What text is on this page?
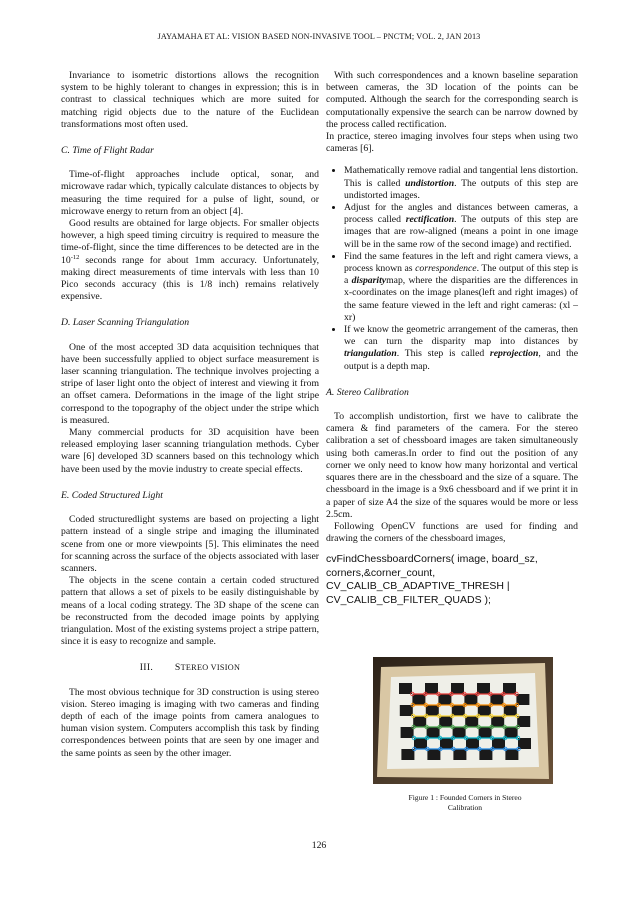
JAYAMAHA ET AL: VISION BASED NON-INVASIVE TOOL – PNCTM; VOL. 2, JAN 2013

Invariance to isometric distortions allows the recognition system to be highly tolerant to changes in expression; this is in contrast to classical techniques which are more suited for matching rigid objects due to the nature of the Euclidean transformations most often used.

C. Time of Flight Radar

Time-of-flight approaches include optical, sonar, and microwave radar which, typically calculate distances to objects by measuring the time required for a pulse of light, sound, or microwave energy to return from an object [4].

Good results are obtained for large objects. For smaller objects however, a high speed timing circuitry is required to measure the time-of-flight, since the time differences to be detected are in the $10^{-12}$ seconds range for about 1mm accuracy. Unfortunately, making direct measurements of time intervals with less than 10 Pico seconds accuracy (this is 1/8 inch) remains relatively expensive.

D. Laser Scanning Triangulation

One of the most accepted 3D data acquisition techniques that have been successfully applied to object surface measurement is laser scanning triangulation. The technique involves projecting a stripe of laser light onto the object of interest and viewing it from an offset camera. Deformations in the image of the light stripe correspond to the topography of the object under the stripe which is measured.

Many commercial products for 3D acquisition have been released employing laser scanning triangulation methods. Cyber ware [6] developed 3D scanners based on this technology which have been used by the movie industry to create special effects.

E. Coded Structured Light

Coded structuredlight systems are based on projecting a light pattern instead of a single stripe and imaging the illuminated scene from one or more viewpoints [5]. This eliminates the need for scanning across the surface of the objects associated with laser scanners.

The objects in the scene contain a certain coded structured pattern that allows a set of pixels to be easily distinguishable by means of a local coding strategy. The 3D shape of the scene can be reconstructed from the decoded image points by applying triangulation. Most of the existing systems project a stripe pattern, since it is easy to recognize and sample.

III. STEREO VISION

The most obvious technique for 3D construction is using stereo vision. Stereo imaging is imaging with two cameras and finding depth of each of the image points from camera analogues to human vision system. Computers accomplish this task by finding correspondences between points that are seen by one imager and the same points as seen by the other imager.

With such correspondences and a known baseline separation between cameras, the 3D location of the points can be computed. Although the search for the corresponding search is computationally expensive the search can be narrow downed by the process called rectification.

In practice, stereo imaging involves four steps when using two cameras [6].

• Mathematically remove radial and tangential lens distortion. This is called undistortion. The outputs of this step are undistorted images.
• Adjust for the angles and distances between cameras, a process called rectification. The outputs of this step are images that are row-aligned (means a point in one image will be in the same row of the second image) and rectified.
• Find the same features in the left and right camera views, a process known as correspondence. The output of this step is a disparitymap, where the disparities are the differences in x-coordinates on the image planes(left and right images) of the same feature viewed in the left and right cameras: (xl – xr)
• If we know the geometric arrangement of the cameras, then we can turn the disparity map into distances by triangulation. This step is called reprojection, and the output is a depth map.
A. Stereo Calibration

To accomplish undistortion, first we have to calibrate the camera & find parameters of the camera. For the stereo calibration a set of chessboard images are taken simultaneously using both cameras.In order to find out the position of any corner we only need to know how many horizontal and vertical squares there are in the chessboard and the size of a square. The chessboard in the image is a 9x6 chessboard and if we print it in a paper of size A4 the size of the squares would be more or less 2.5cm.

Following OpenCV functions are used for finding and drawing the corners of the chessboard images,

cvFindChessboardCorners( image, board_sz,
corners,&corner_count,
CV_CALIB_CB_ADAPTIVE_THRESH |
CV_CALIB_CB_FILTER_QUADS );
Figure 1 : Founded Corners in Stereo
Calibration
126
